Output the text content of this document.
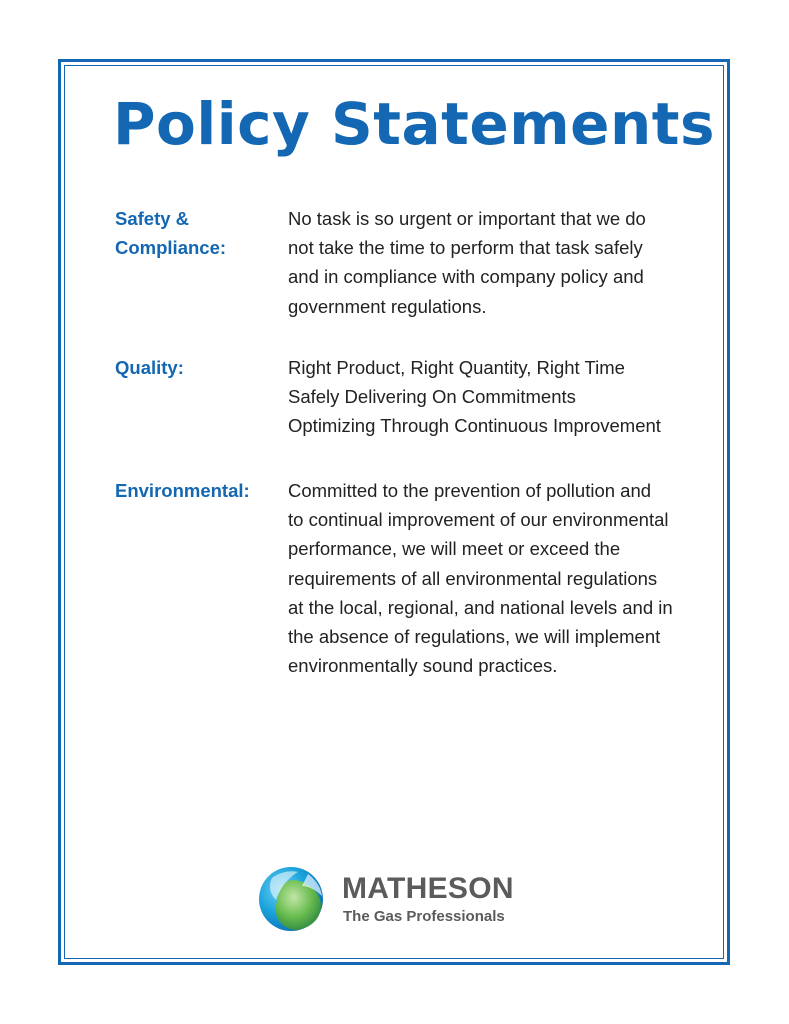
Policy Statements
Safety &
Compliance:
No task is so urgent or important that we do
not take the time to perform that task safely
and in compliance with company policy and
government regulations.
Quality:	Right Product, Right Quantity, Right Time
Safely Delivering On Commitments
Optimizing Through Continuous Improvement
Environmental:	Committed to the prevention of pollution and
to continual improvement of our environmental
performance, we will meet or exceed the
requirements of all environmental regulations
at the local, regional, and national levels and in
the absence of regulations, we will implement
environmentally sound practices.
MATHESON
The Gas Professionals
